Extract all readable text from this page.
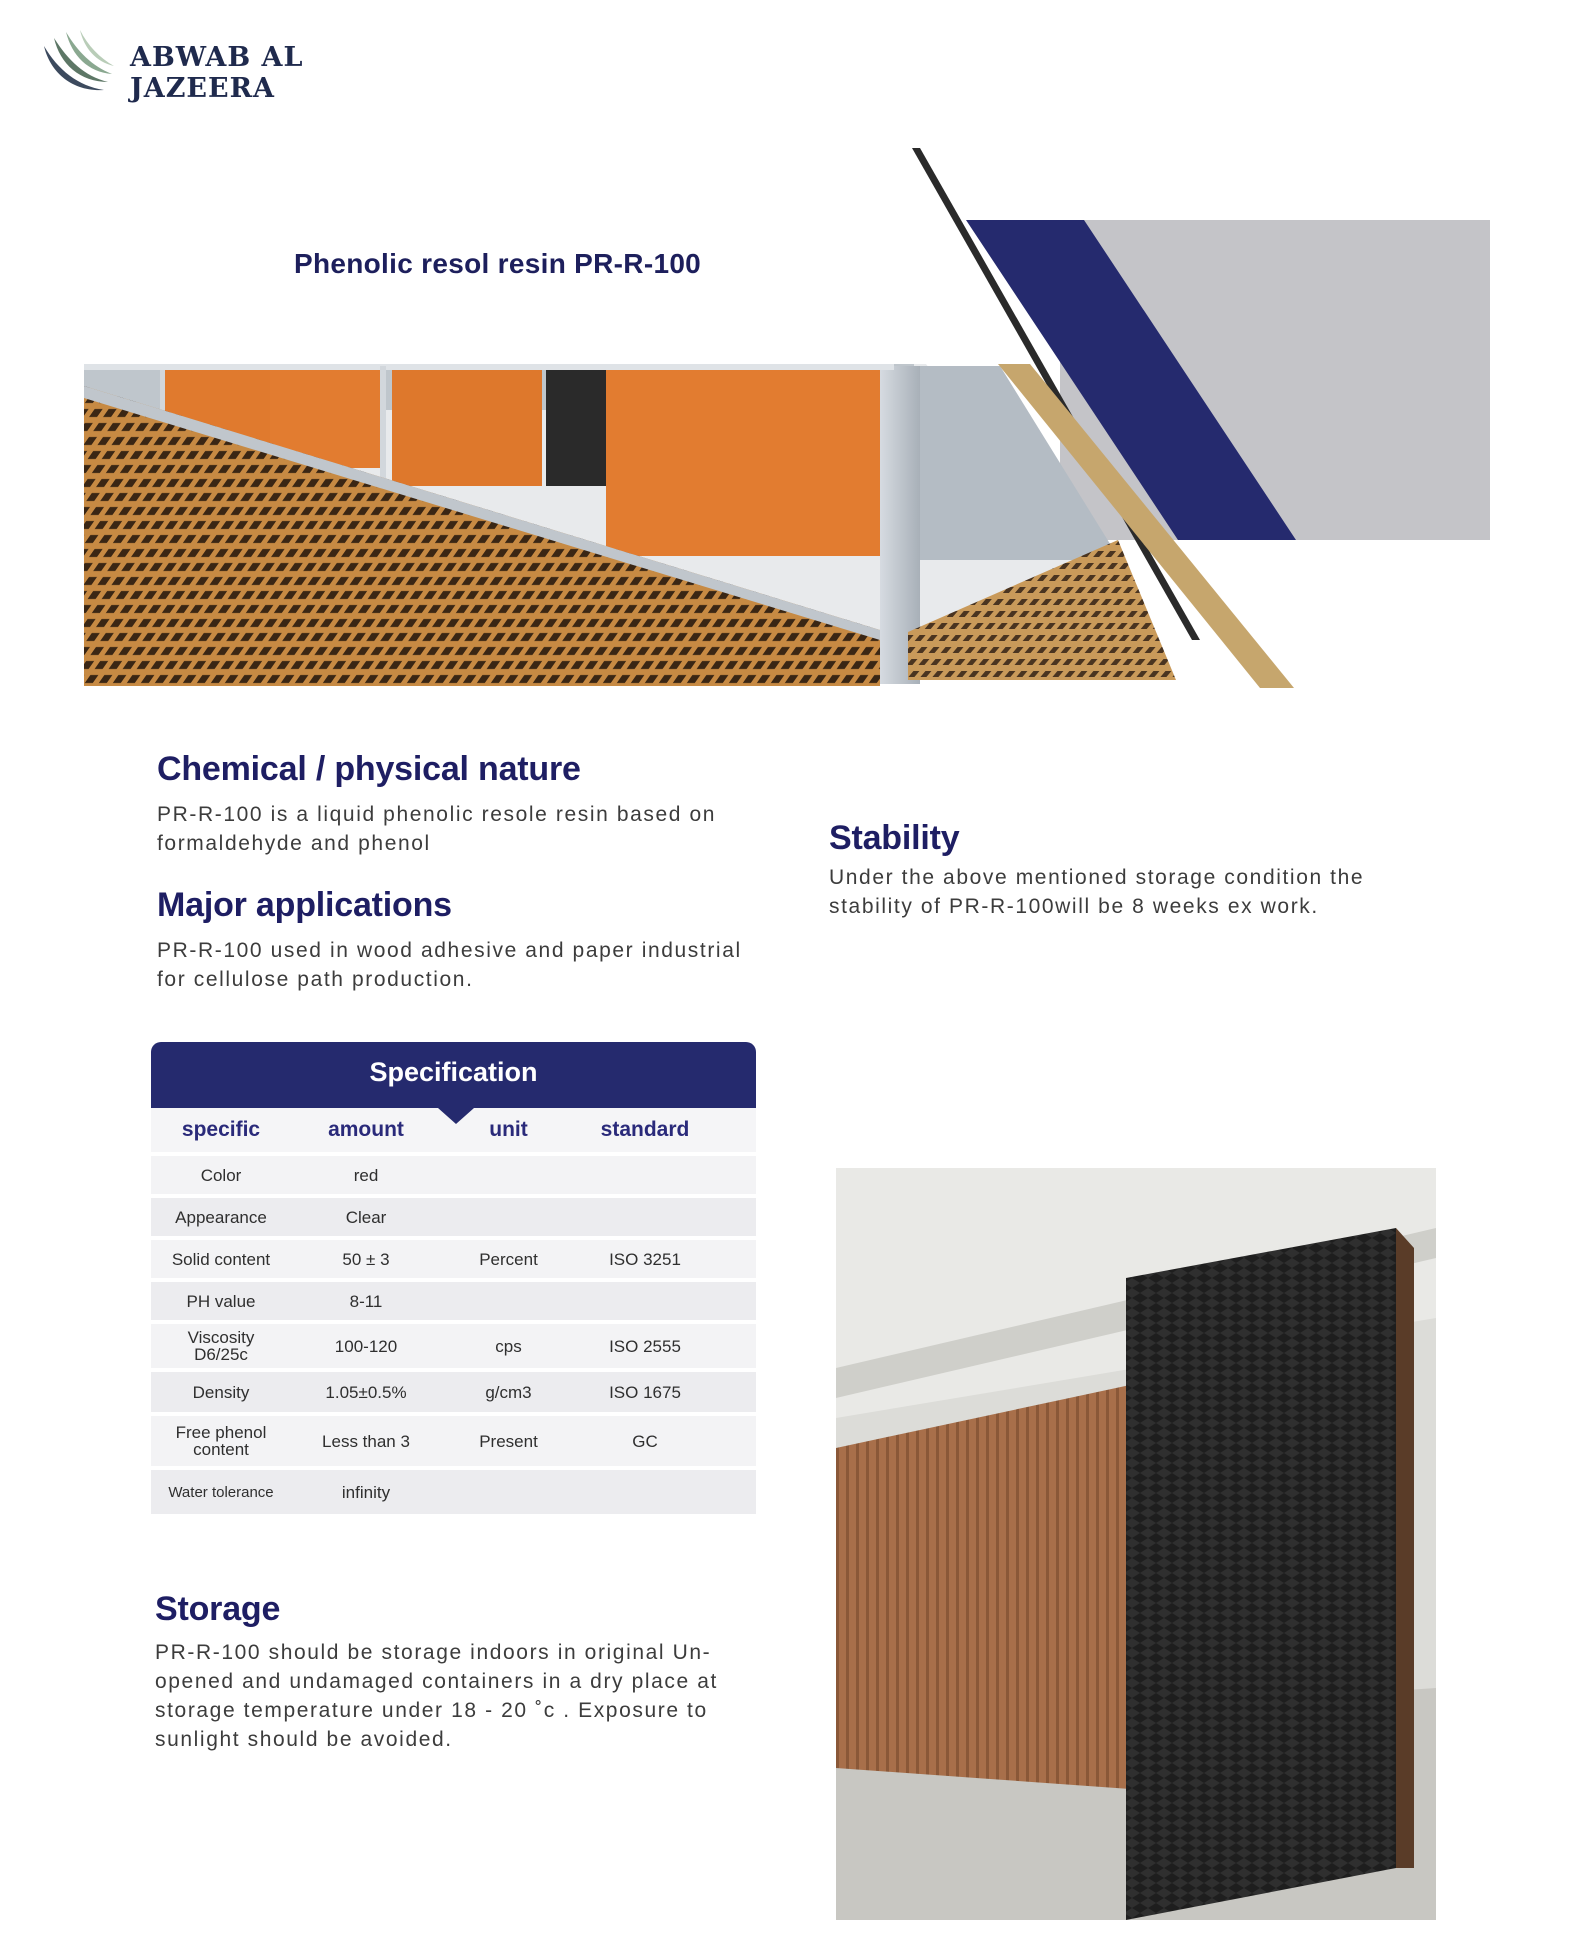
ABWAB AL JAZEERA
Phenolic resol resin PR-R-100
Chemical / physical nature
PR-R-100 is a liquid phenolic resole resin based on formaldehyde and phenol
Major applications
PR-R-100 used in wood adhesive and paper industrial for cellulose path production.
Stability
Under the above mentioned storage condition the stability of PR-R-100will be 8 weeks ex work.
Specification
specific	amount	unit	standard
Color	red
Appearance	Clear
Solid content	50 ± 3	Percent	ISO 3251
PH value	8-11
Viscosity D6/25c	100-120	cps	ISO 2555
Density	1.05±0.5%	g/cm3	ISO 1675
Free phenol content	Less than 3	Present	GC
Water tolerance	infinity
Storage
PR-R-100 should be storage indoors in original Un-opened and undamaged containers in a dry place at storage temperature under 18 - 20 ˚c . Exposure to sunlight should be avoided.
